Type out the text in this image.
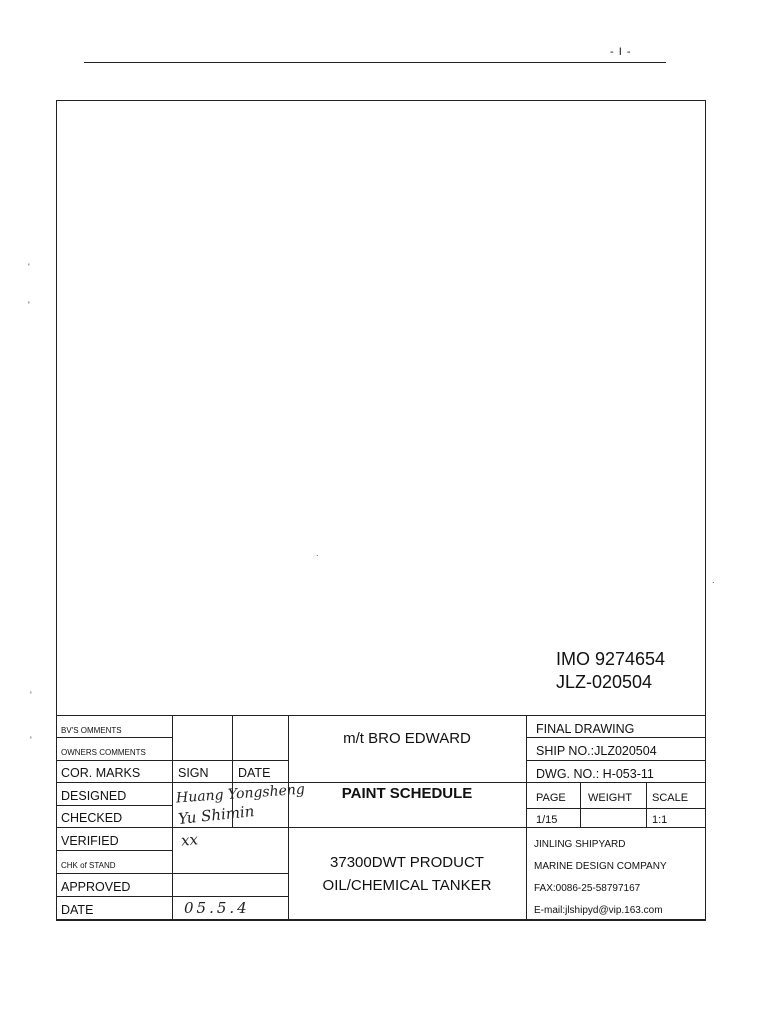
- I -
'
'
'
'
.
.
IMO 9274654
JLZ-020504
BV'S OMMENTS
OWNERS COMMENTS
COR. MARKS	SIGN DATE
DESIGNED
CHECKED
VERIFIED
CHK of STAND
APPROVED
DATE
Huang Yongsheng
Yu Shimin
xx
05.5.4
m/t BRO EDWARD
PAINT SCHEDULE
37300DWT PRODUCT
OIL/CHEMICAL TANKER
FINAL DRAWING
SHIP NO.:JLZ020504
DWG. NO.: H-053-11
PAGE WEIGHT SCALE
1/15	1:1
JINLING SHIPYARD
MARINE DESIGN COMPANY
FAX:0086-25-58797167
E-mail:jlshipyd@vip.163.com
